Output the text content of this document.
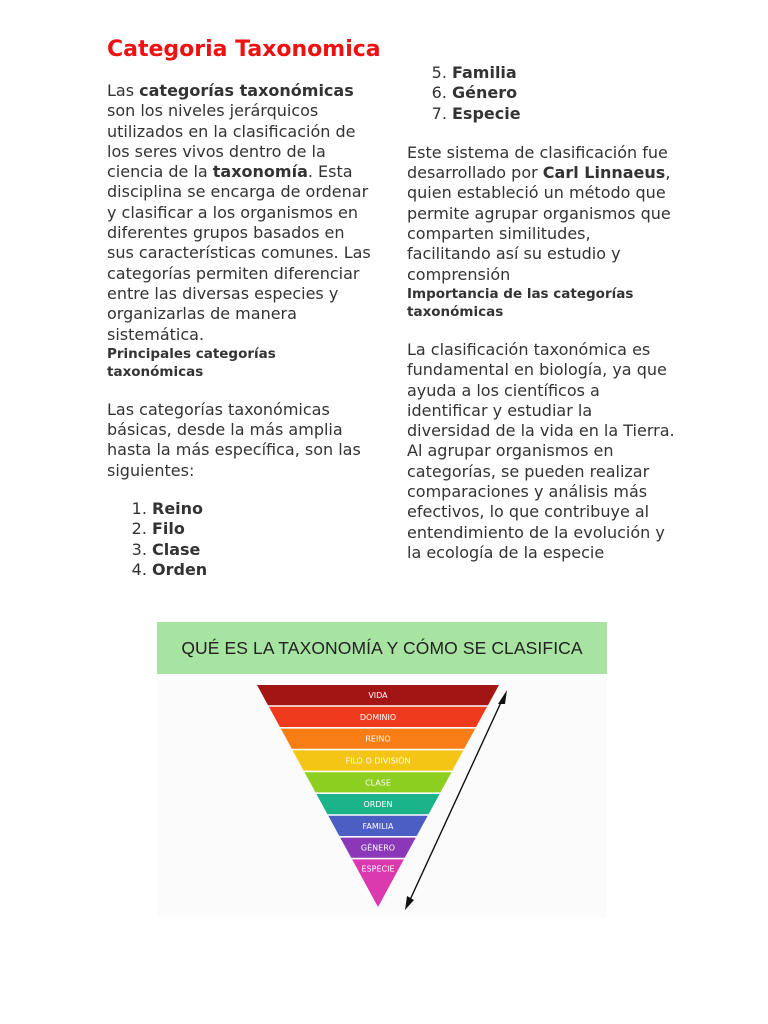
Categoria Taxonomica

Las categorías taxonómicas son los niveles jerárquicos utilizados en la clasificación de los seres vivos dentro de la ciencia de la taxonomía. Esta disciplina se encarga de ordenar y clasificar a los organismos en diferentes grupos basados en sus características comunes. Las categorías permiten diferenciar entre las diversas especies y organizarlas de manera sistemática.

Principales categorías taxonómicas

Las categorías taxonómicas básicas, desde la más amplia hasta la más específica, son las siguientes:

1. Reino
2. Filo
3. Clase
4. Orden
5. Familia
6. Género
7. Especie

Este sistema de clasificación fue desarrollado por Carl Linnaeus, quien estableció un método que permite agrupar organismos que comparten similitudes, facilitando así su estudio y comprensión

Importancia de las categorías taxonómicas

La clasificación taxonómica es fundamental en biología, ya que ayuda a los científicos a identificar y estudiar la diversidad de la vida en la Tierra. Al agrupar organismos en categorías, se pueden realizar comparaciones y análisis más efectivos, lo que contribuye al entendimiento de la evolución y la ecología de la especie

QUÉ ES LA TAXONOMÍA Y CÓMO SE CLASIFICA
VIDA
DOMINIO
REINO
FILO O DIVISIÓN
CLASE
ORDEN
FAMILIA
GÉNERO
ESPECIE
